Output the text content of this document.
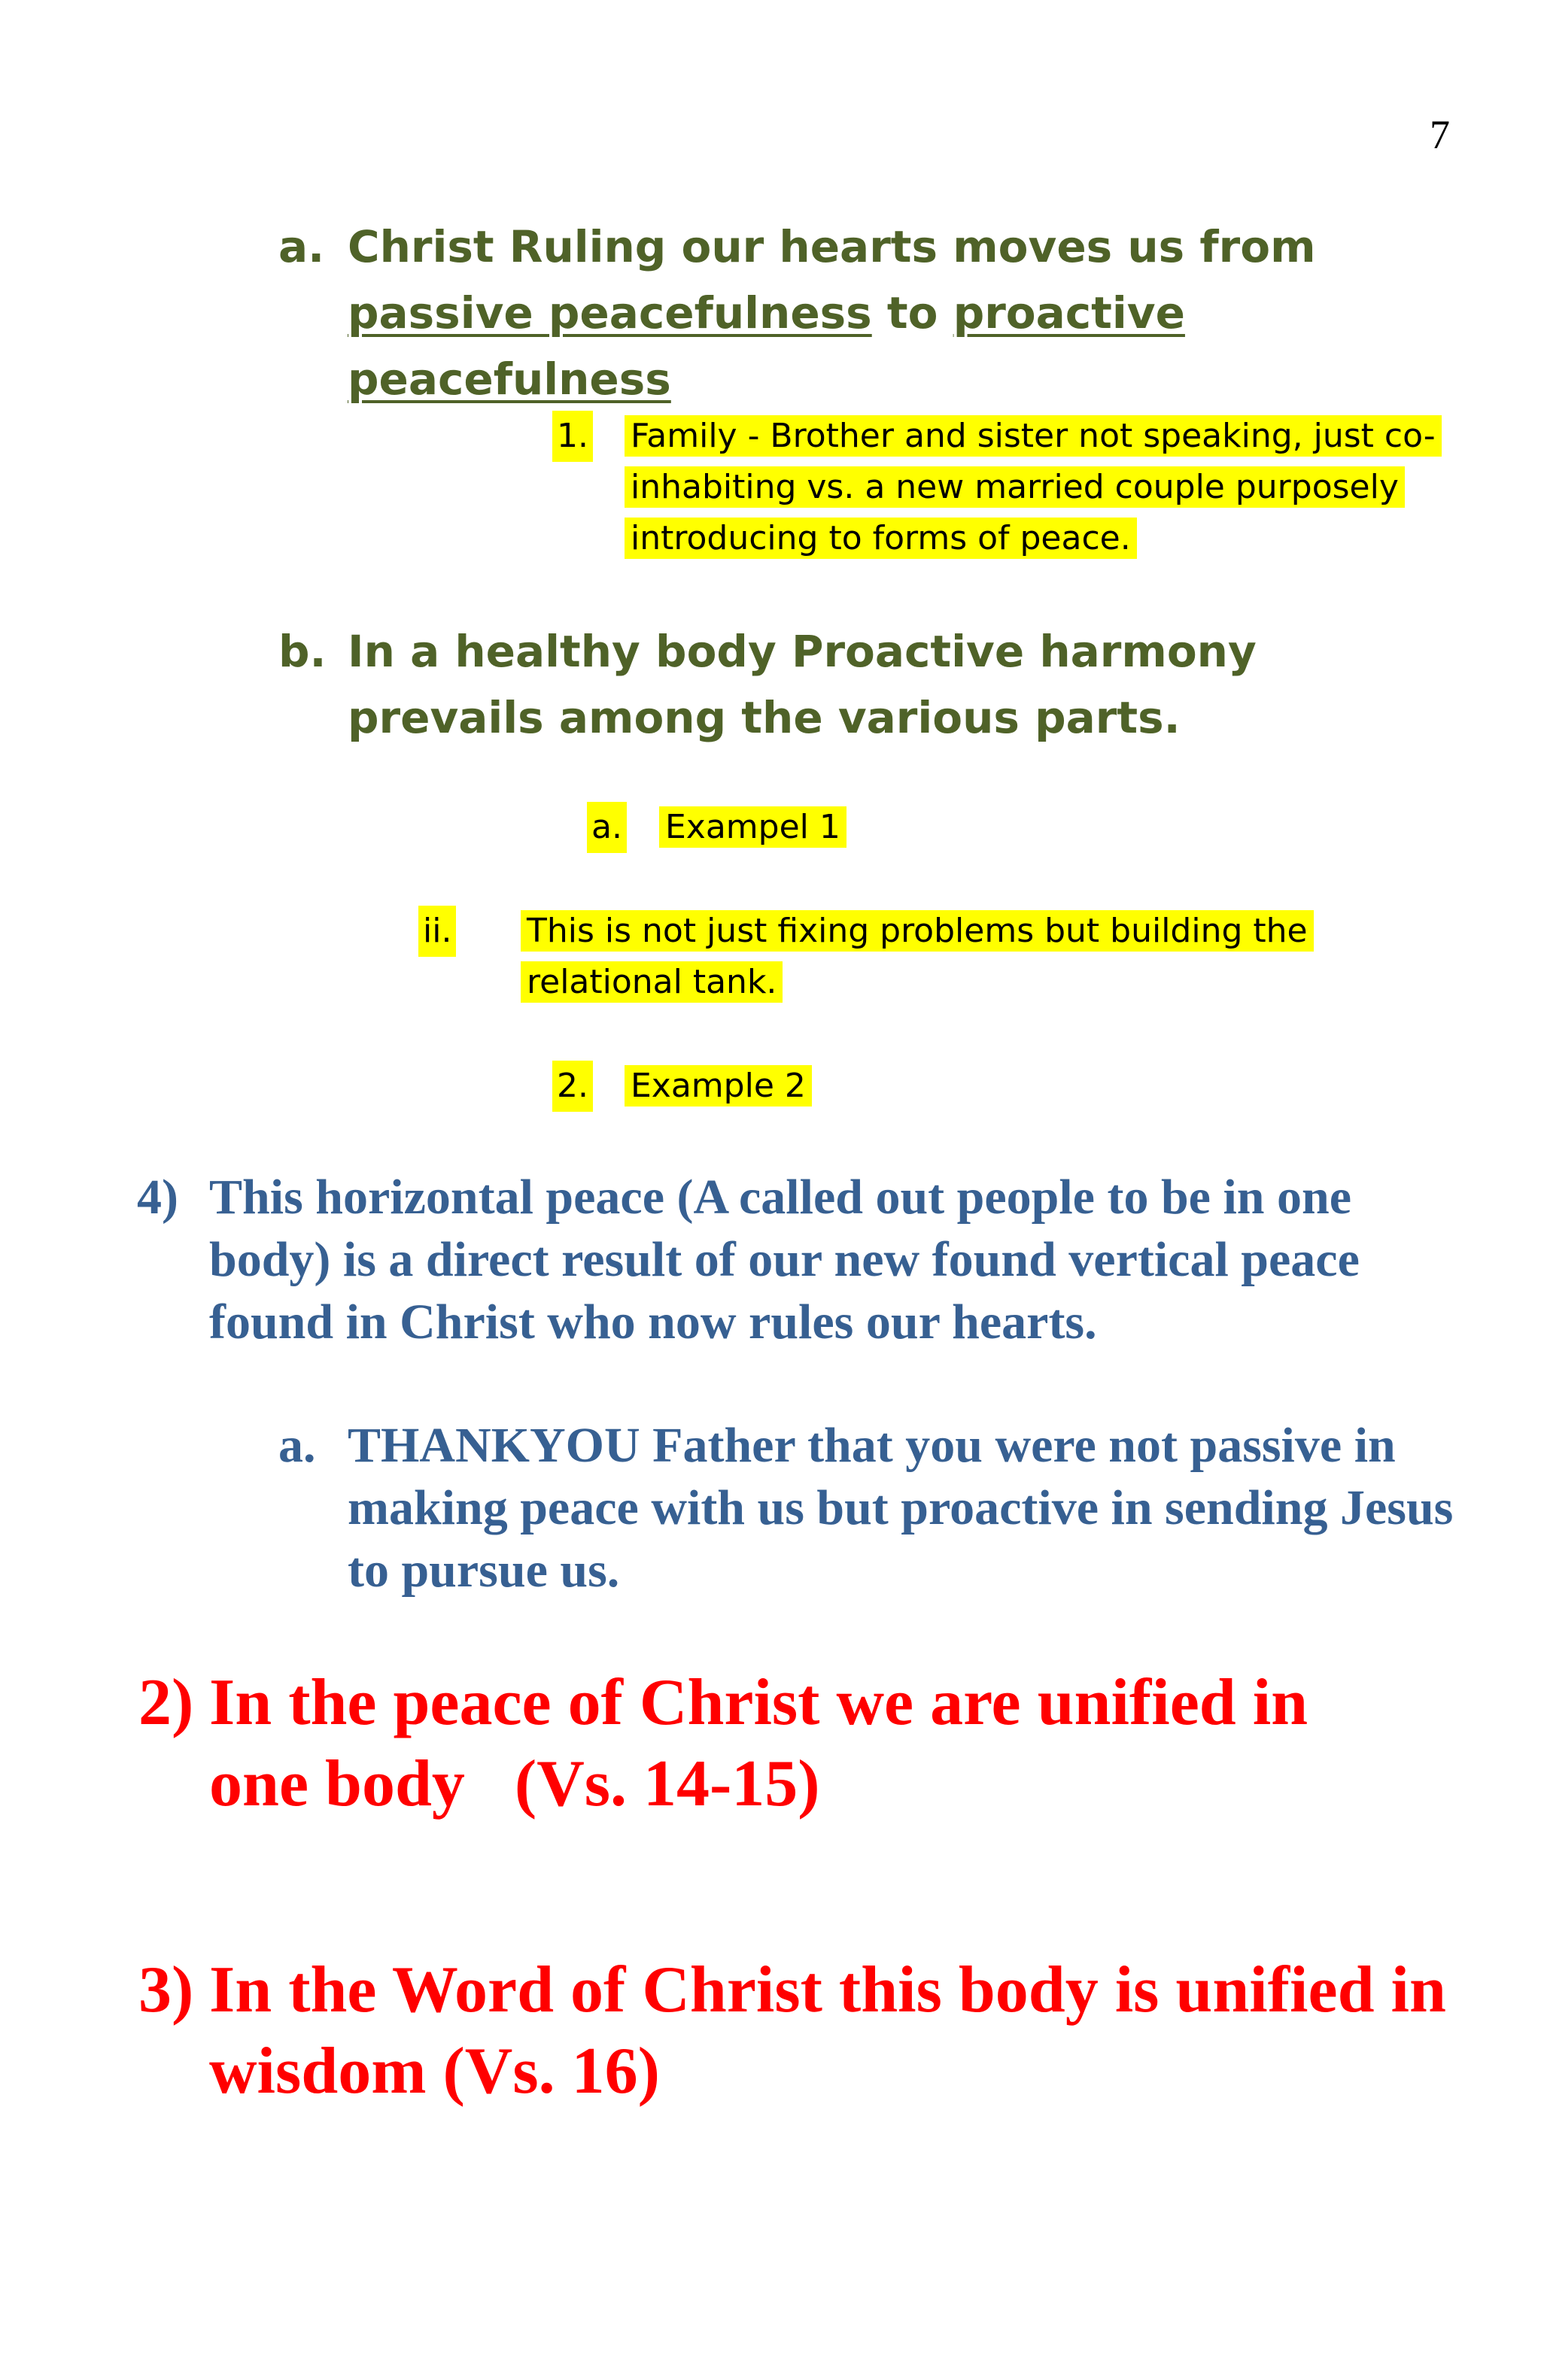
7
a. Christ Ruling our hearts moves us from passive peacefulness to proactive peacefulness
1. Family - Brother and sister not speaking, just co-
inhabiting vs. a new married couple purposely
introducing to forms of peace.
b. In a healthy body Proactive harmony prevails among the various parts.
a. Exampel 1
ii. This is not just fixing problems but building the
relational tank.
2. Example 2
4) This horizontal peace (A called out people to be in one body) is a direct result of our new found vertical peace found in Christ who now rules our hearts.
a. THANKYOU Father that you were not passive in making peace with us but proactive in sending Jesus to pursue us.
2) In the peace of Christ we are unified in one body   (Vs. 14-15)
3) In the Word of Christ this body is unified in wisdom (Vs. 16)
